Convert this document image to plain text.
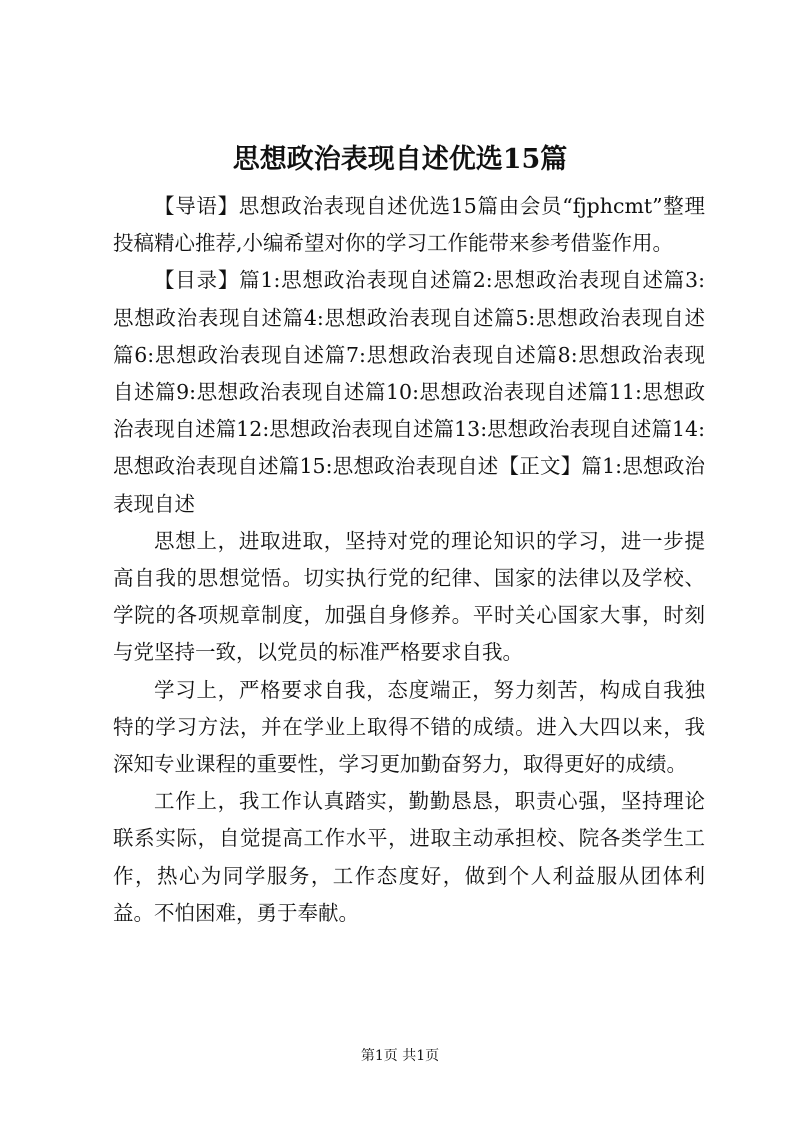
思想政治表现自述优选15篇

【导语】思想政治表现自述优选15篇由会员“fjphcmt”整理投稿精心推荐,小编希望对你的学习工作能带来参考借鉴作用。

【目录】篇1:思想政治表现自述篇2:思想政治表现自述篇3:思想政治表现自述篇4:思想政治表现自述篇5:思想政治表现自述篇6:思想政治表现自述篇7:思想政治表现自述篇8:思想政治表现自述篇9:思想政治表现自述篇10:思想政治表现自述篇11:思想政治表现自述篇12:思想政治表现自述篇13:思想政治表现自述篇14:思想政治表现自述篇15:思想政治表现自述【正文】篇1:思想政治表现自述

思想上，进取进取，坚持对党的理论知识的学习，进一步提高自我的思想觉悟。切实执行党的纪律、国家的法律以及学校、学院的各项规章制度，加强自身修养。平时关心国家大事，时刻与党坚持一致，以党员的标准严格要求自我。

学习上，严格要求自我，态度端正，努力刻苦，构成自我独特的学习方法，并在学业上取得不错的成绩。进入大四以来，我深知专业课程的重要性，学习更加勤奋努力，取得更好的成绩。

工作上，我工作认真踏实，勤勤恳恳，职责心强，坚持理论联系实际，自觉提高工作水平，进取主动承担校、院各类学生工作，热心为同学服务，工作态度好，做到个人利益服从团体利益。不怕困难，勇于奉献。

第1页 共1页
